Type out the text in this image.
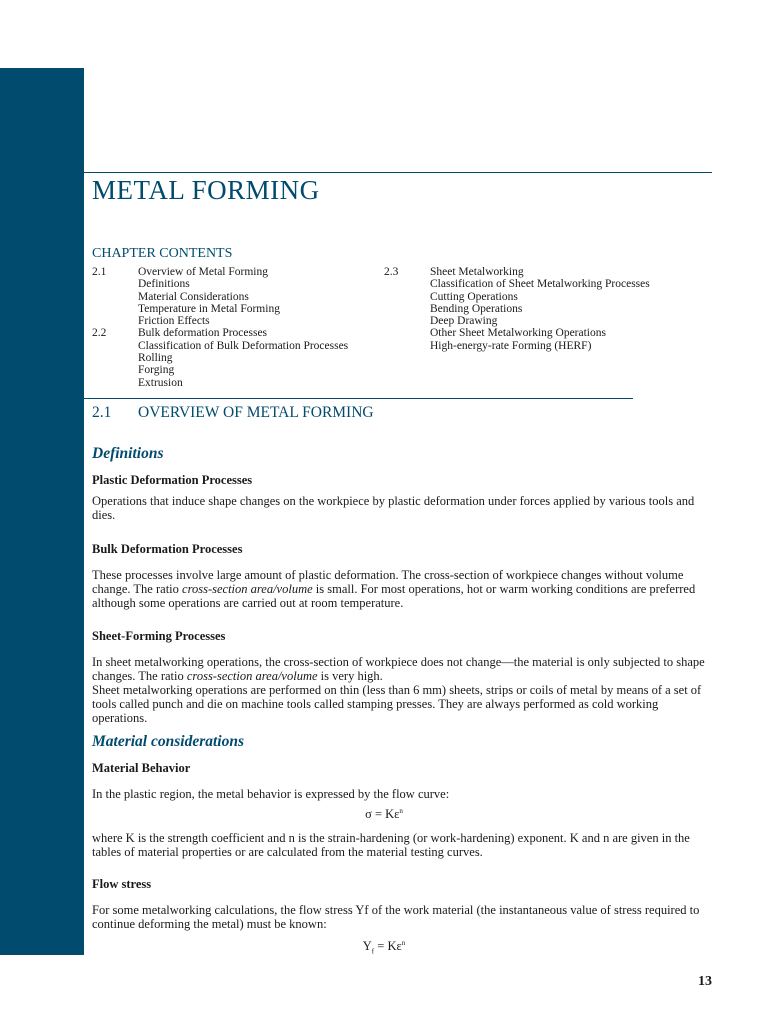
2 METAL FORMING
CHAPTER CONTENTS
2.1	Overview of Metal Forming
Definitions
Material Considerations
Temperature in Metal Forming
Friction Effects
2.2	Bulk deformation Processes
Classification of Bulk Deformation Processes
Rolling
Forging
Extrusion
2.3	Sheet Metalworking
Classification of Sheet Metalworking Processes
Cutting Operations
Bending Operations
Deep Drawing
Other Sheet Metalworking Operations
High-energy-rate Forming (HERF)
2.1 OVERVIEW OF METAL FORMING
Definitions
Plastic Deformation Processes
Operations that induce shape changes on the workpiece by plastic deformation under forces applied by various tools and dies.
Bulk Deformation Processes
These processes involve large amount of plastic deformation. The cross-section of workpiece changes without volume change. The ratio cross-section area/volume is small. For most operations, hot or warm working conditions are preferred although some operations are carried out at room temperature.
Sheet-Forming Processes
In sheet metalworking operations, the cross-section of workpiece does not change—the material is only subjected to shape changes. The ratio cross-section area/volume is very high.
Sheet metalworking operations are performed on thin (less than 6 mm) sheets, strips or coils of metal by means of a set of tools called punch and die on machine tools called stamping presses. They are always performed as cold working operations.
Material considerations
Material Behavior
In the plastic region, the metal behavior is expressed by the flow curve:
$\sigma = K\varepsilon^n$
where K is the strength coefficient and n is the strain-hardening (or work-hardening) exponent. K and n are given in the tables of material properties or are calculated from the material testing curves.
Flow stress
For some metalworking calculations, the flow stress Yf of the work material (the instantaneous value of stress required to continue deforming the metal) must be known:
$Y_f = K\varepsilon^n$
13
